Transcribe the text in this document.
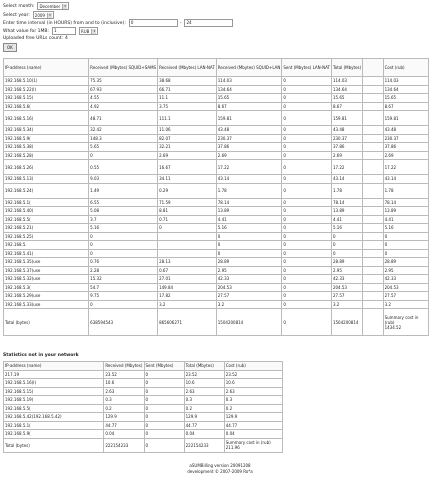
Select month: December	▾
Select year: 2009	▾
Enter time interval (in HOURS) from and to (inclusive):	0	-	24
What value for 1MB:	1	RUB	▾
Uploaded free URLs count: 4
OK
IP-address (name)	Received (Mbytes) SQUID+SAMS	Received (Mbytes) LAN-NAT	Received (Mbytes) SQUID+LAN	Sent (Mbytes) LAN-NAT	Total (Mbytes)		Cost (rub)
192.168.5.10(1)	75.35	38.68	114.03	0	114.03		114.03
192.168.5.22(I)	67.93	66.71	134.64	0	134.64		134.64
192.168.5.15(	4.55	11.1	15.65	0	15.65		15.65
192.168.5.6(	4.92	3.75	8.67	0	8.67		8.67
192.168.5.16(	48.71	111.1	159.81	0	159.81		159.81
192.168.5.34(	32.42	11.06	43.48	0	43.48		43.48
192.168.5.9(	148.3	82.07	230.37	0	230.37		230.37
192.168.5.38(	5.65	32.21	37.86	0	37.86		37.86
192.168.5.28(	0	2.69	2.69	0	2.69		2.69
192.168.5.26(	0.55	16.67	17.22	0	17.22		17.22
192.168.5.13(	9.03	34.11	43.14	0	43.14		43.14
192.168.5.24(	1.49	0.29	1.78	0	1.78		1.78
192.168.5.1(	6.55	71.59	78.14	0	78.14		78.14
192.168.5.40(	5.08	8.81	13.89	0	13.89		13.89
192.168.5.5(	3.7	0.71	4.41	0	4.41		4.41
192.168.5.21(	5.16	0	5.16	0	5.16		5.16
192.168.5.25(	0		0	0	0		0
192.168.5.	0		0	0	0		0
192.168.5.41(	0		0	0	0		0
192.168.5.35(use	0.76	28.13	28.89	0	28.89		28.89
192.168.5.37(use	2.28	0.67	2.95	0	2.95		2.95
192.168.5.32(use	15.32	27.01	42.33	0	42.33		42.33
192.168.5.3(	54.7	149.84	204.53	0	204.53		204.53
192.168.5.29(use	9.75	17.82	27.57	0	27.57		27.57
192.168.5.33(use	0	3.2	3.2	0	3.2		3.2
Total (bytes)	638594543	865606271	1504200814	0	1504200814		Summary cost in (rub)
1434.52
Statistics not in your network
IP-address (name)	Received (Mbytes)	Sent (Mbytes)	Total (Mbytes)	Cost (rub)
217.19	23.52	0	23.52	23.52
192.168.5.16(I)	10.6	0	10.6	10.6
192.168.5.15(	2.63	0	2.63	2.63
192.168.5.19(	0.3	0	0.3	0.3
192.168.5.5(	0.2	0	0.2	0.2
192.168.5.42(192.168.5.42)	129.9	0	129.9	129.9
192.168.5.1(	44.77	0	44.77	44.77
192.168.5.9(	0.04	0	0.04	0.04
Total (bytes)	222154233	0	222154233	Summary cost in (rub)
211.96
aSUMBilling version 20091208
development © 2007-2009 Ro*a
